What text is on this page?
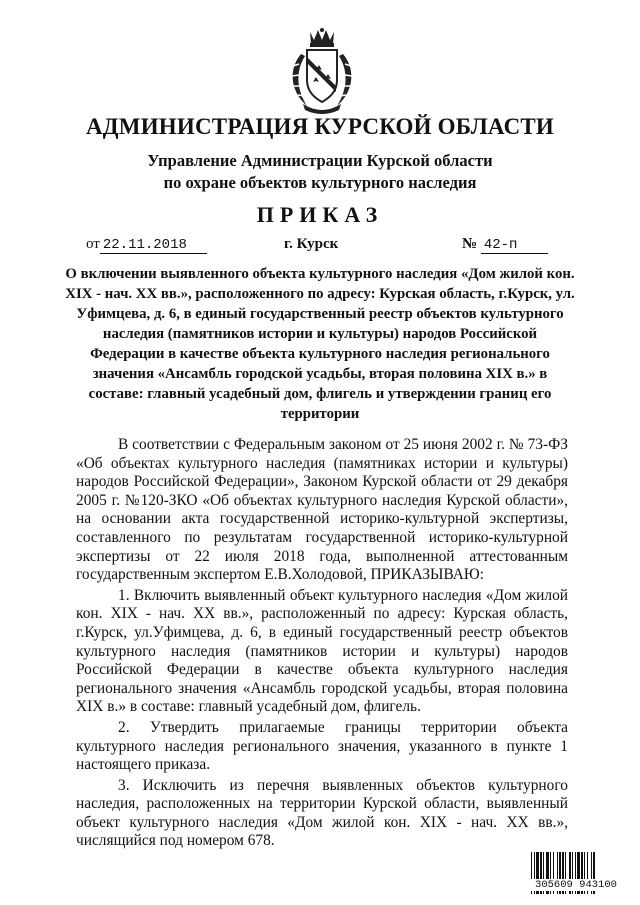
АДМИНИСТРАЦИЯ КУРСКОЙ ОБЛАСТИ
Управление Администрации Курской области
по охране объектов культурного наследия
ПРИКАЗ
от 22.11.2018	г. Курск	№ 42-п
О включении выявленного объекта культурного наследия «Дом жилой кон. XIX - нач. XX вв.», расположенного по адресу: Курская область, г.Курск, ул. Уфимцева, д. 6, в единый государственный реестр объектов культурного наследия (памятников истории и культуры) народов Российской Федерации в качестве объекта культурного наследия регионального значения «Ансамбль городской усадьбы, вторая половина XIX в.» в составе: главный усадебный дом, флигель и утверждении границ его территории

В соответствии с Федеральным законом от 25 июня 2002 г. № 73-ФЗ «Об объектах культурного наследия (памятниках истории и культуры) народов Российской Федерации», Законом Курской области от 29 декабря 2005 г. №120-ЗКО «Об объектах культурного наследия Курской области», на основании акта государственной историко-культурной экспертизы, составленного по результатам государственной историко-культурной экспертизы от 22 июля 2018 года, выполненной аттестованным государственным экспертом Е.В.Холодовой, ПРИКАЗЫВАЮ:

1. Включить выявленный объект культурного наследия «Дом жилой кон. XIX - нач. XX вв.», расположенный по адресу: Курская область, г.Курск, ул.Уфимцева, д. 6, в единый государственный реестр объектов культурного наследия (памятников истории и культуры) народов Российской Федерации в качестве объекта культурного наследия регионального значения «Ансамбль городской усадьбы, вторая половина XIX в.» в составе: главный усадебный дом, флигель.

2. Утвердить прилагаемые границы территории объекта культурного наследия регионального значения, указанного в пункте 1 настоящего приказа.

3. Исключить из перечня выявленных объектов культурного наследия, расположенных на территории Курской области, выявленный объект культурного наследия «Дом жилой кон. XIX - нач. XX вв.», числящийся под номером 678.

305609 943100
